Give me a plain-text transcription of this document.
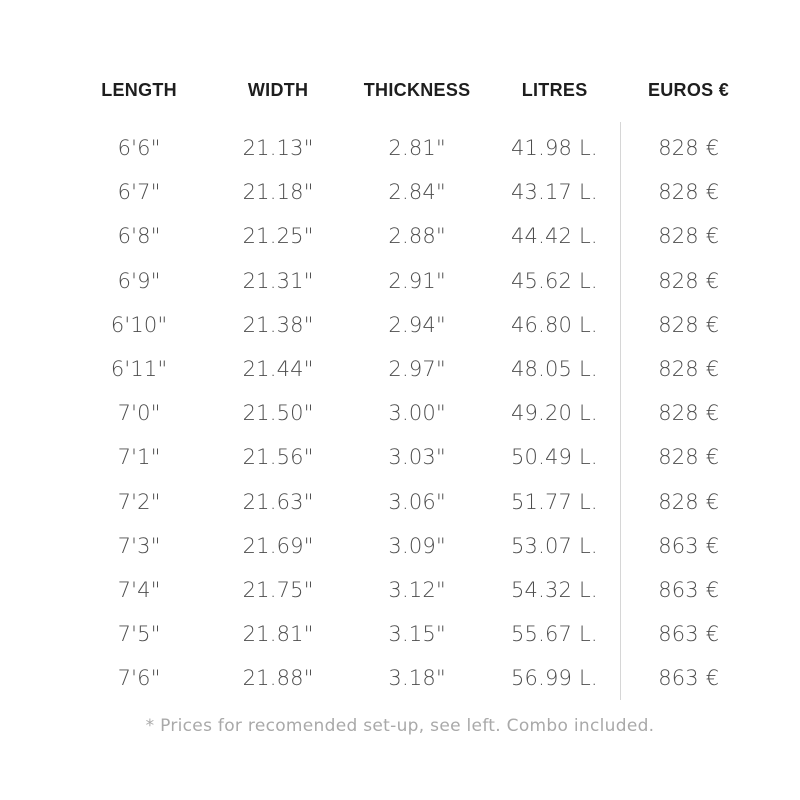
LENGTH	WIDTH	THICKNESS	LITRES	EUROS €
6'6"	21.13"	2.81"	41.98 L.	828 €
6'7"	21.18"	2.84"	43.17 L.	828 €
6'8"	21.25"	2.88"	44.42 L.	828 €
6'9"	21.31"	2.91"	45.62 L.	828 €
6'10"	21.38"	2.94"	46.80 L.	828 €
6'11"	21.44"	2.97"	48.05 L.	828 €
7'0"	21.50"	3.00"	49.20 L.	828 €
7'1"	21.56"	3.03"	50.49 L.	828 €
7'2"	21.63"	3.06"	51.77 L.	828 €
7'3"	21.69"	3.09"	53.07 L.	863 €
7'4"	21.75"	3.12"	54.32 L.	863 €
7'5"	21.81"	3.15"	55.67 L.	863 €
7'6"	21.88"	3.18"	56.99 L.	863 €
* Prices for recomended set-up, see left. Combo included.
